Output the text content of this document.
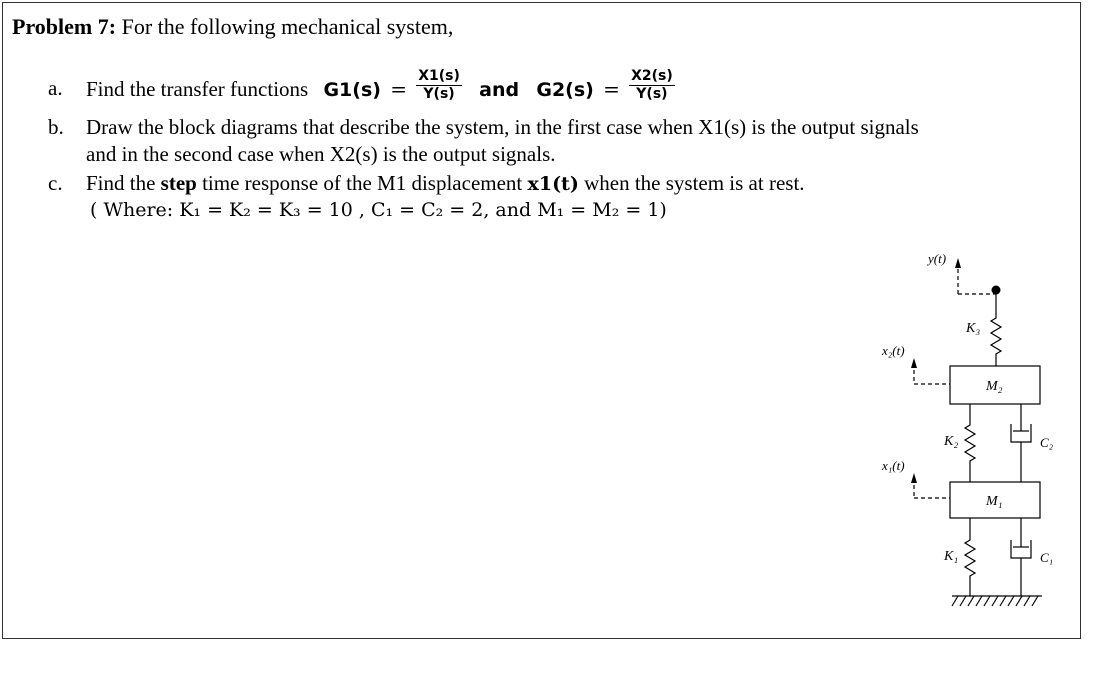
Problem 7: For the following mechanical system,
a. Find the transfer functions $G1(s) = \frac{X1(s)}{Y(s)}$ and $G2(s) = \frac{X2(s)}{Y(s)}$
b. Draw the block diagrams that describe the system, in the first case when X1(s) is the output signals
and in the second case when X2(s) is the output signals.
c. Find the step time response of the M1 displacement x1(t) when the system is at rest.
( Where: K₁ = K₂ = K₃ = 10 , C₁ = C₂ = 2, and M₁ = M₂ = 1)
y(t)
x₂(t)
x₁(t)
K₃
K₂
K₁
C₂
C₁
M₂
M₁
